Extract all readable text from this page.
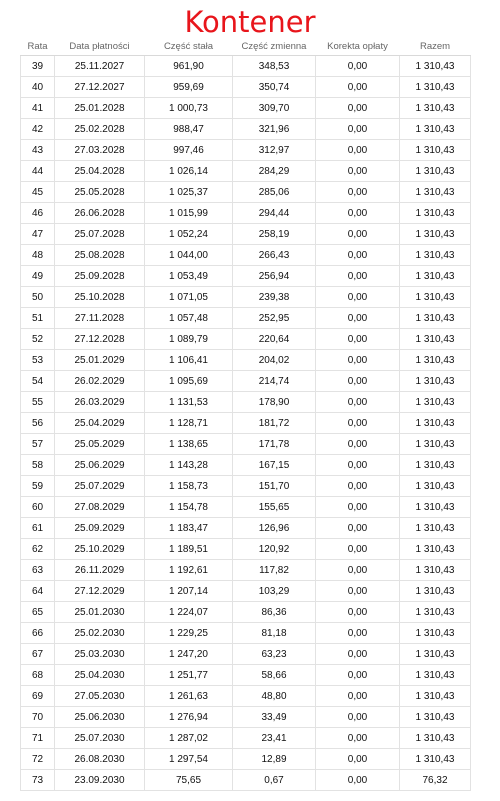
Kontener
Rata	Data płatności	Część stała	Część zmienna	Korekta opłaty	Razem
39	25.11.2027	961,90	348,53	0,00	1 310,43
40	27.12.2027	959,69	350,74	0,00	1 310,43
41	25.01.2028	1 000,73	309,70	0,00	1 310,43
42	25.02.2028	988,47	321,96	0,00	1 310,43
43	27.03.2028	997,46	312,97	0,00	1 310,43
44	25.04.2028	1 026,14	284,29	0,00	1 310,43
45	25.05.2028	1 025,37	285,06	0,00	1 310,43
46	26.06.2028	1 015,99	294,44	0,00	1 310,43
47	25.07.2028	1 052,24	258,19	0,00	1 310,43
48	25.08.2028	1 044,00	266,43	0,00	1 310,43
49	25.09.2028	1 053,49	256,94	0,00	1 310,43
50	25.10.2028	1 071,05	239,38	0,00	1 310,43
51	27.11.2028	1 057,48	252,95	0,00	1 310,43
52	27.12.2028	1 089,79	220,64	0,00	1 310,43
53	25.01.2029	1 106,41	204,02	0,00	1 310,43
54	26.02.2029	1 095,69	214,74	0,00	1 310,43
55	26.03.2029	1 131,53	178,90	0,00	1 310,43
56	25.04.2029	1 128,71	181,72	0,00	1 310,43
57	25.05.2029	1 138,65	171,78	0,00	1 310,43
58	25.06.2029	1 143,28	167,15	0,00	1 310,43
59	25.07.2029	1 158,73	151,70	0,00	1 310,43
60	27.08.2029	1 154,78	155,65	0,00	1 310,43
61	25.09.2029	1 183,47	126,96	0,00	1 310,43
62	25.10.2029	1 189,51	120,92	0,00	1 310,43
63	26.11.2029	1 192,61	117,82	0,00	1 310,43
64	27.12.2029	1 207,14	103,29	0,00	1 310,43
65	25.01.2030	1 224,07	86,36	0,00	1 310,43
66	25.02.2030	1 229,25	81,18	0,00	1 310,43
67	25.03.2030	1 247,20	63,23	0,00	1 310,43
68	25.04.2030	1 251,77	58,66	0,00	1 310,43
69	27.05.2030	1 261,63	48,80	0,00	1 310,43
70	25.06.2030	1 276,94	33,49	0,00	1 310,43
71	25.07.2030	1 287,02	23,41	0,00	1 310,43
72	26.08.2030	1 297,54	12,89	0,00	1 310,43
73	23.09.2030	75,65	0,67	0,00	76,32
